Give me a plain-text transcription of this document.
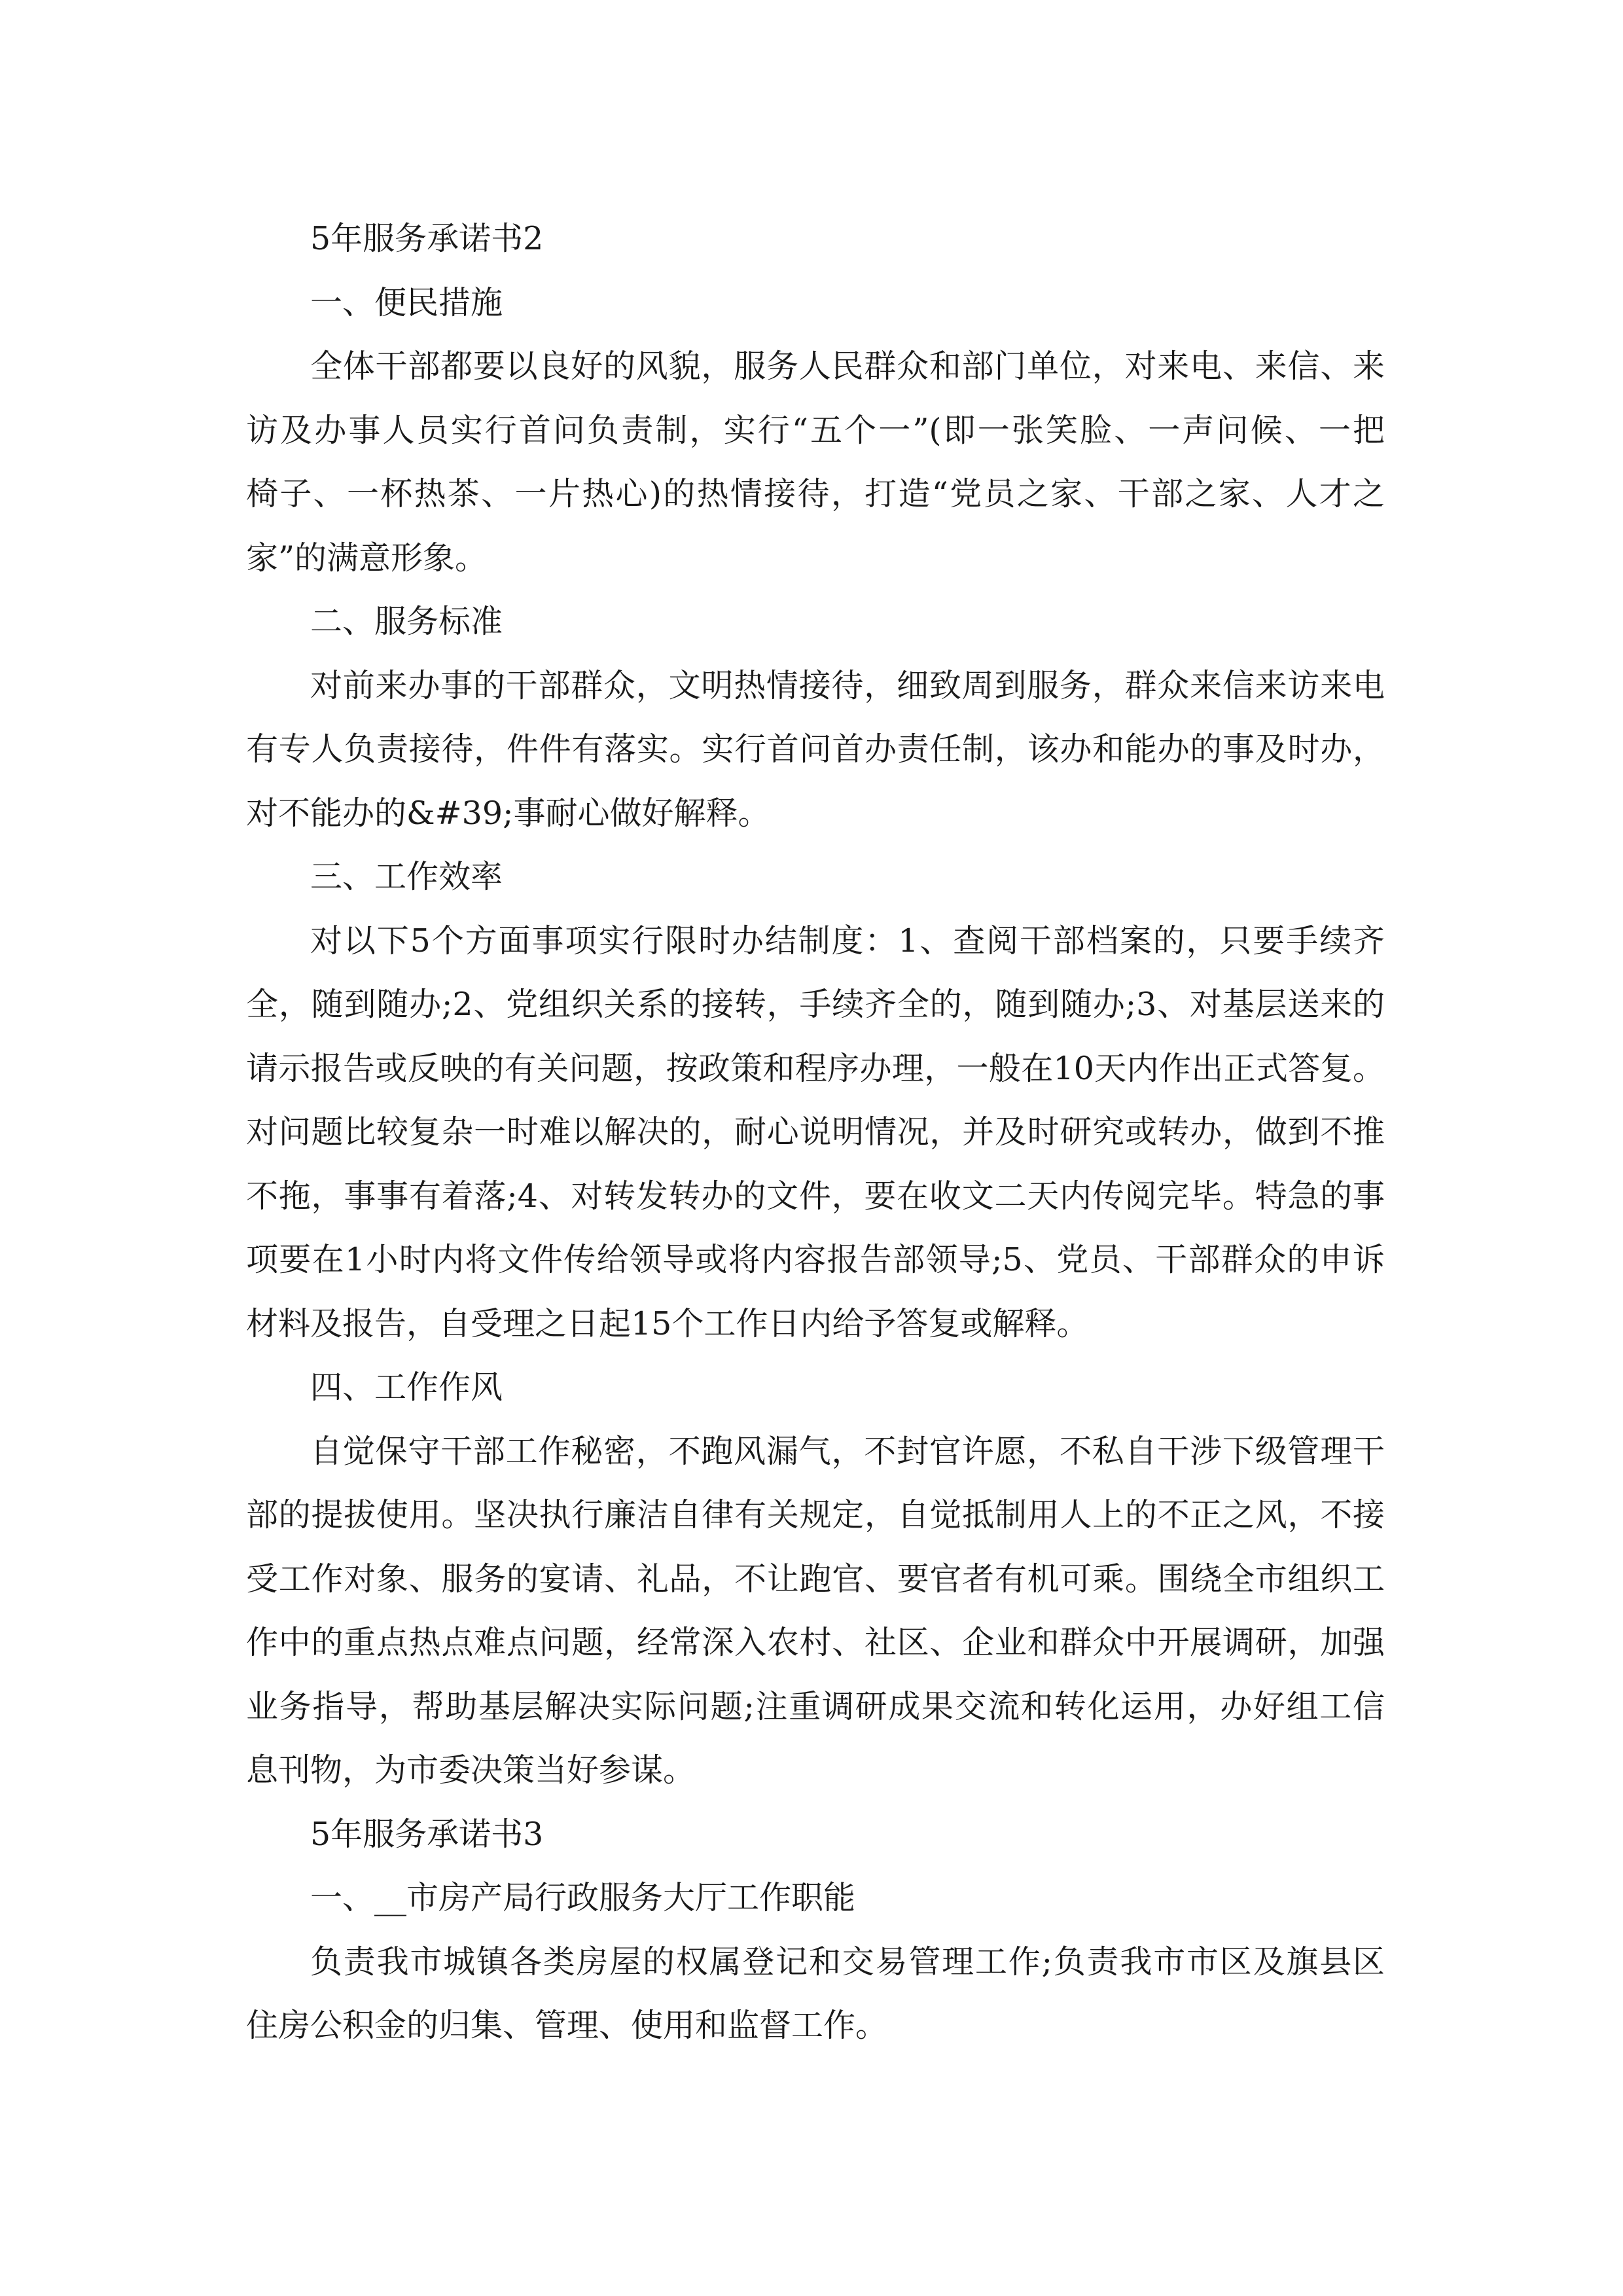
5年服务承诺书2
一、便民措施
全体干部都要以良好的风貌，服务人民群众和部门单位，对来电、来信、来
访及办事人员实行首问负责制，实行“五个一”(即一张笑脸、一声问候、一把
椅子、一杯热茶、一片热心)的热情接待，打造“党员之家、干部之家、人才之
家”的满意形象。
二、服务标准
对前来办事的干部群众，文明热情接待，细致周到服务，群众来信来访来电
有专人负责接待，件件有落实。实行首问首办责任制，该办和能办的事及时办，
对不能办的&#39;事耐心做好解释。
三、工作效率
对以下5个方面事项实行限时办结制度：1、查阅干部档案的，只要手续齐
全，随到随办;2、党组织关系的接转，手续齐全的，随到随办;3、对基层送来的
请示报告或反映的有关问题，按政策和程序办理，一般在10天内作出正式答复。
对问题比较复杂一时难以解决的，耐心说明情况，并及时研究或转办，做到不推
不拖，事事有着落;4、对转发转办的文件，要在收文二天内传阅完毕。特急的事
项要在1小时内将文件传给领导或将内容报告部领导;5、党员、干部群众的申诉
材料及报告，自受理之日起15个工作日内给予答复或解释。
四、工作作风
自觉保守干部工作秘密，不跑风漏气，不封官许愿，不私自干涉下级管理干
部的提拔使用。坚决执行廉洁自律有关规定，自觉抵制用人上的不正之风，不接
受工作对象、服务的宴请、礼品，不让跑官、要官者有机可乘。围绕全市组织工
作中的重点热点难点问题，经常深入农村、社区、企业和群众中开展调研，加强
业务指导，帮助基层解决实际问题;注重调研成果交流和转化运用，办好组工信
息刊物，为市委决策当好参谋。
5年服务承诺书3
一、__市房产局行政服务大厅工作职能
负责我市城镇各类房屋的权属登记和交易管理工作;负责我市市区及旗县区
住房公积金的归集、管理、使用和监督工作。
